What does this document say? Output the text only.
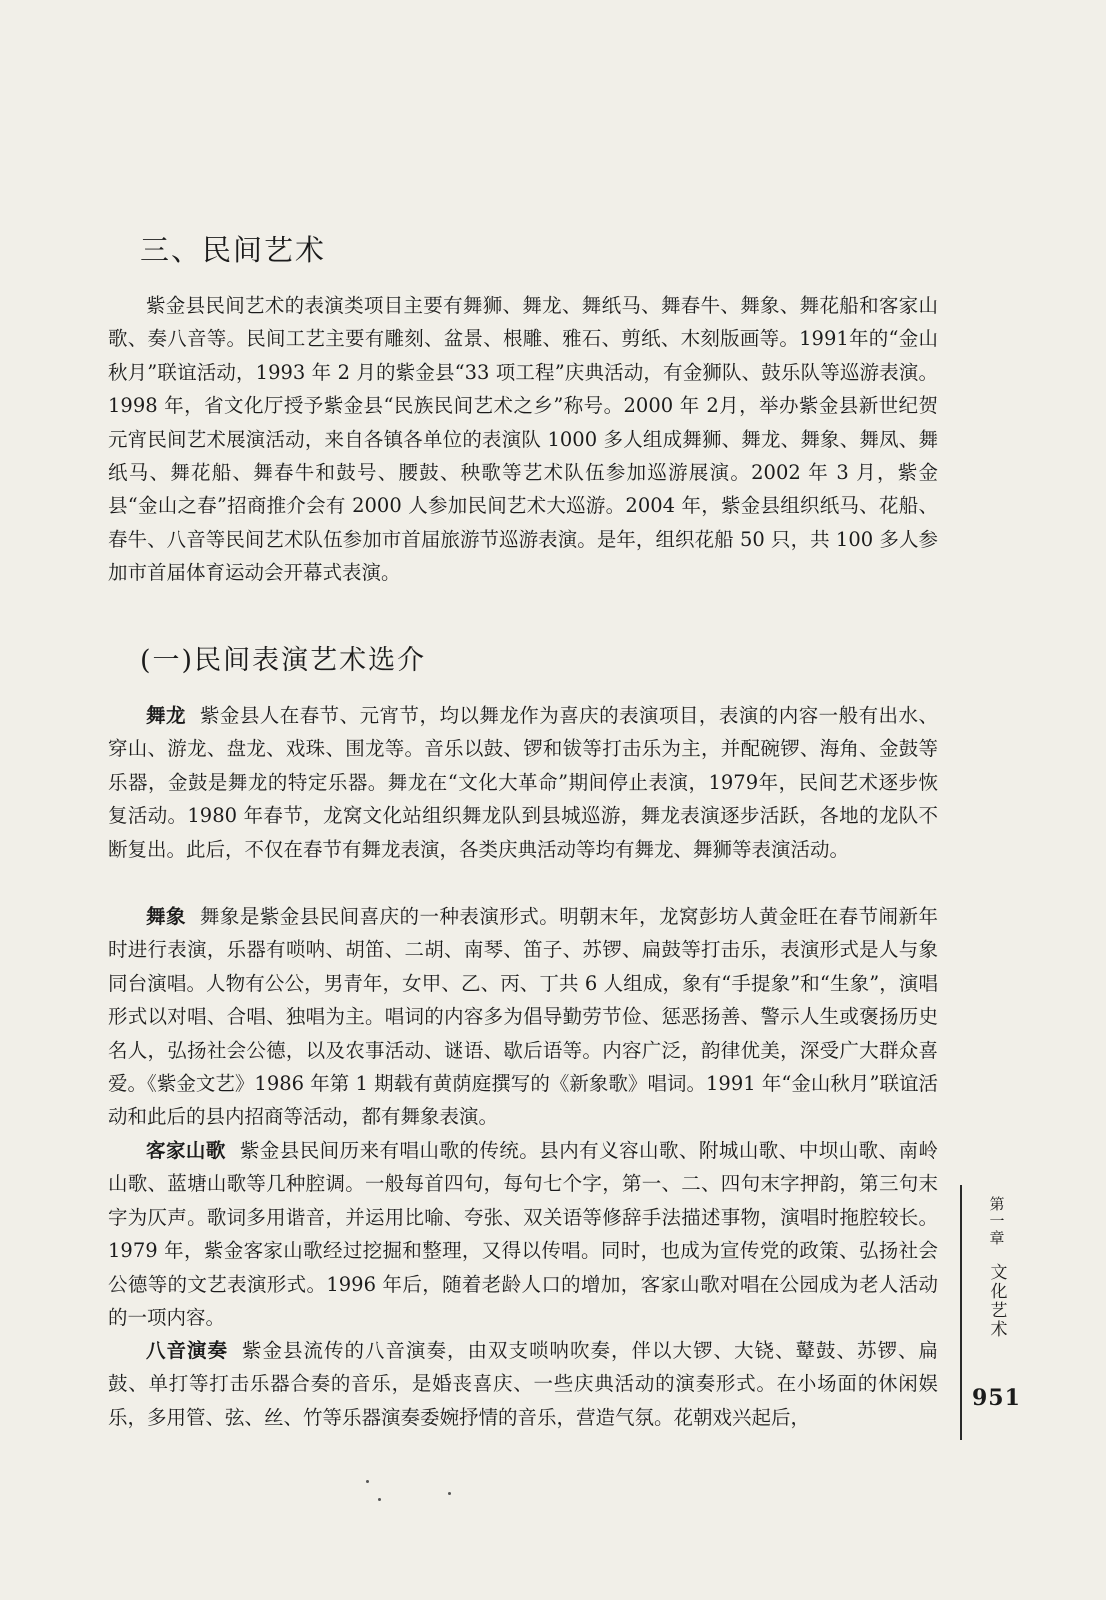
三、民间艺术

紫金县民间艺术的表演类项目主要有舞狮、舞龙、舞纸马、舞春牛、舞象、舞花船和客家山歌、奏八音等。民间工艺主要有雕刻、盆景、根雕、雅石、剪纸、木刻版画等。1991年的“金山秋月”联谊活动，1993 年 2 月的紫金县“33 项工程”庆典活动，有金狮队、鼓乐队等巡游表演。1998 年，省文化厅授予紫金县“民族民间艺术之乡”称号。2000 年 2月，举办紫金县新世纪贺元宵民间艺术展演活动，来自各镇各单位的表演队 1000 多人组成舞狮、舞龙、舞象、舞凤、舞纸马、舞花船、舞春牛和鼓号、腰鼓、秧歌等艺术队伍参加巡游展演。2002 年 3 月，紫金县“金山之春”招商推介会有 2000 人参加民间艺术大巡游。2004 年，紫金县组织纸马、花船、春牛、八音等民间艺术队伍参加市首届旅游节巡游表演。是年，组织花船 50 只，共 100 多人参加市首届体育运动会开幕式表演。

(一)民间表演艺术选介

舞龙 紫金县人在春节、元宵节，均以舞龙作为喜庆的表演项目，表演的内容一般有出水、穿山、游龙、盘龙、戏珠、围龙等。音乐以鼓、锣和钹等打击乐为主，并配碗锣、海角、金鼓等乐器，金鼓是舞龙的特定乐器。舞龙在“文化大革命”期间停止表演，1979年，民间艺术逐步恢复活动。1980 年春节，龙窝文化站组织舞龙队到县城巡游，舞龙表演逐步活跃，各地的龙队不断复出。此后，不仅在春节有舞龙表演，各类庆典活动等均有舞龙、舞狮等表演活动。

舞象 舞象是紫金县民间喜庆的一种表演形式。明朝末年，龙窝彭坊人黄金旺在春节闹新年时进行表演，乐器有唢呐、胡笛、二胡、南琴、笛子、苏锣、扁鼓等打击乐，表演形式是人与象同台演唱。人物有公公，男青年，女甲、乙、丙、丁共 6 人组成，象有“手提象”和“生象”，演唱形式以对唱、合唱、独唱为主。唱词的内容多为倡导勤劳节俭、惩恶扬善、警示人生或褒扬历史名人，弘扬社会公德，以及农事活动、谜语、歇后语等。内容广泛，韵律优美，深受广大群众喜爱。《紫金文艺》1986 年第 1 期载有黄荫庭撰写的《新象歌》唱词。1991 年“金山秋月”联谊活动和此后的县内招商等活动，都有舞象表演。

客家山歌 紫金县民间历来有唱山歌的传统。县内有义容山歌、附城山歌、中坝山歌、南岭山歌、蓝塘山歌等几种腔调。一般每首四句，每句七个字，第一、二、四句末字押韵，第三句末字为仄声。歌词多用谐音，并运用比喻、夸张、双关语等修辞手法描述事物，演唱时拖腔较长。1979 年，紫金客家山歌经过挖掘和整理，又得以传唱。同时，也成为宣传党的政策、弘扬社会公德等的文艺表演形式。1996 年后，随着老龄人口的增加，客家山歌对唱在公园成为老人活动的一项内容。

八音演奏 紫金县流传的八音演奏，由双支唢呐吹奏，伴以大锣、大铙、鼙鼓、苏锣、扁鼓、单打等打击乐器合奏的音乐，是婚丧喜庆、一些庆典活动的演奏形式。在小场面的休闲娱乐，多用管、弦、丝、竹等乐器演奏委婉抒情的音乐，营造气氛。花朝戏兴起后，

第一章
文化艺术
951
